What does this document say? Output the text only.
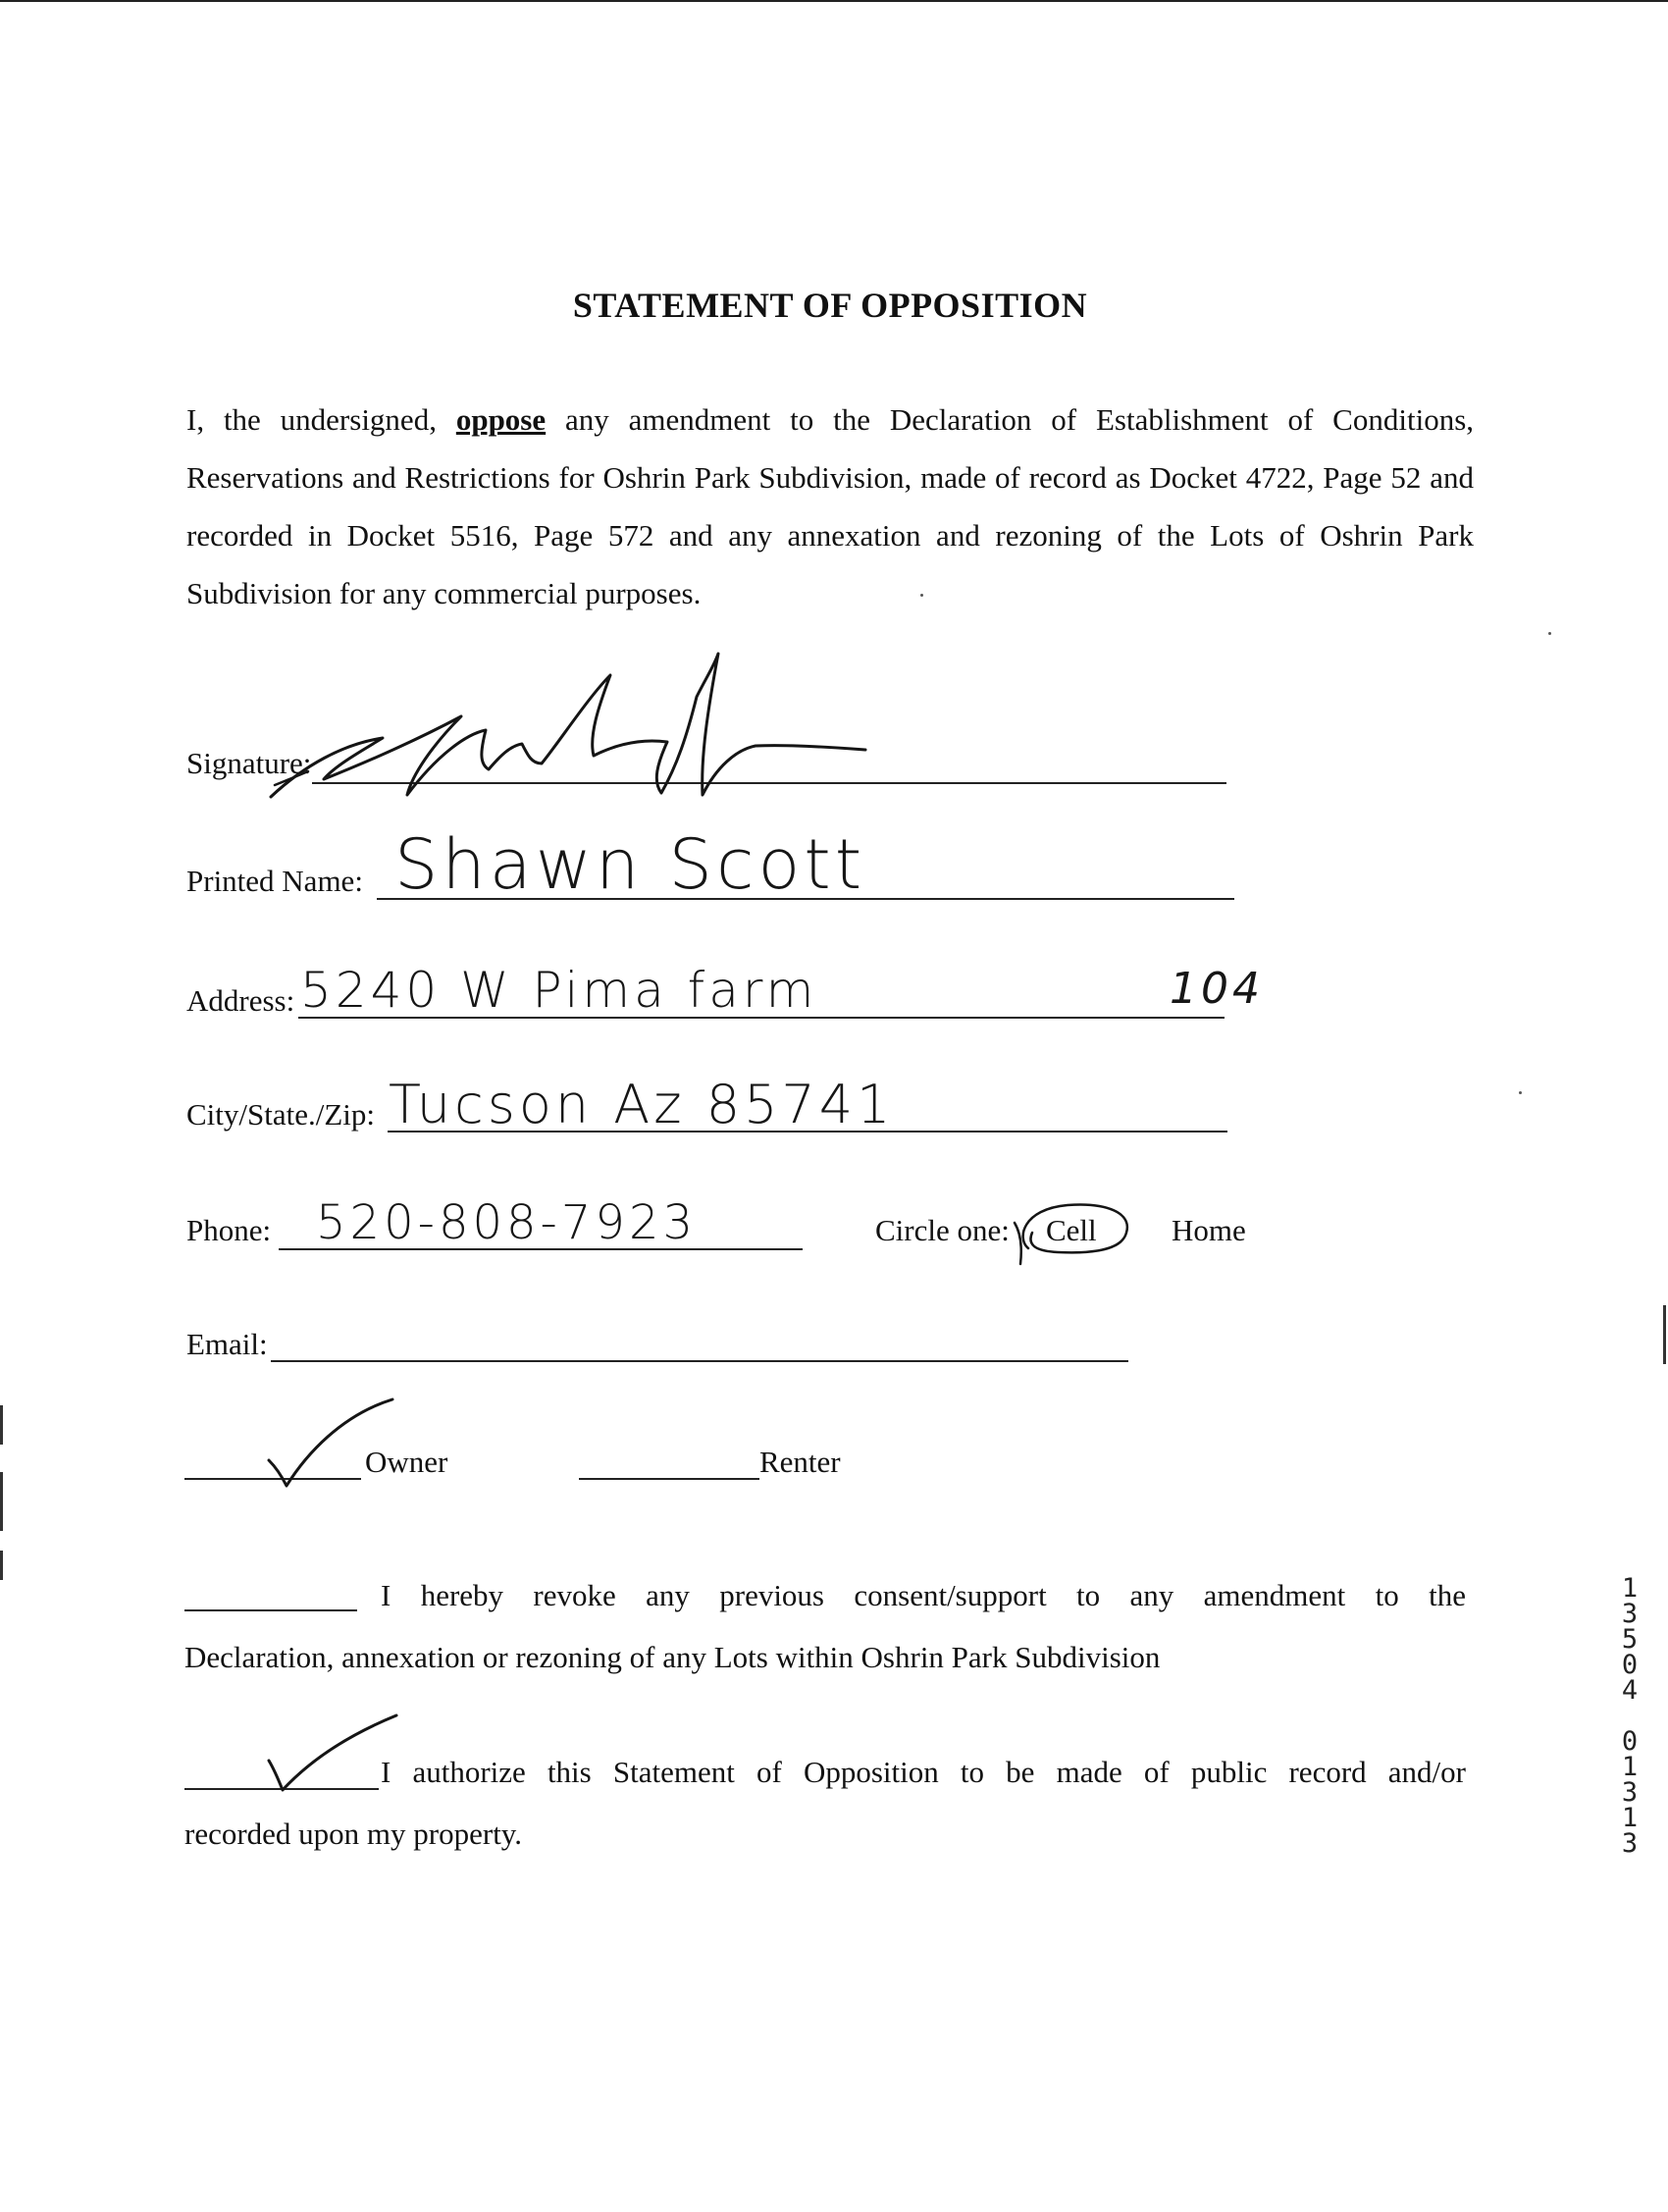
STATEMENT OF OPPOSITION
I, the undersigned, oppose any amendment to the Declaration of Establishment of Conditions, Reservations and Restrictions for Oshrin Park Subdivision, made of record as Docket 4722, Page 52 and recorded in Docket 5516, Page 572 and any annexation and rezoning of the Lots of Oshrin Park Subdivision for any commercial purposes.
Signature:
Printed Name: Shawn Scott
Address: 5240 W Pima farm	104
City/State./Zip: Tucson Az 85741
Phone: 520-808-7923	Circle one: Cell Home
Email:
Owner	Renter
I hereby revoke any previous consent/support to any amendment to the
Declaration, annexation or rezoning of any Lots within Oshrin Park Subdivision
I authorize this Statement of Opposition to be made of public record and/or
recorded upon my property.
1
3
5
0
4
0
1
3
1
3
